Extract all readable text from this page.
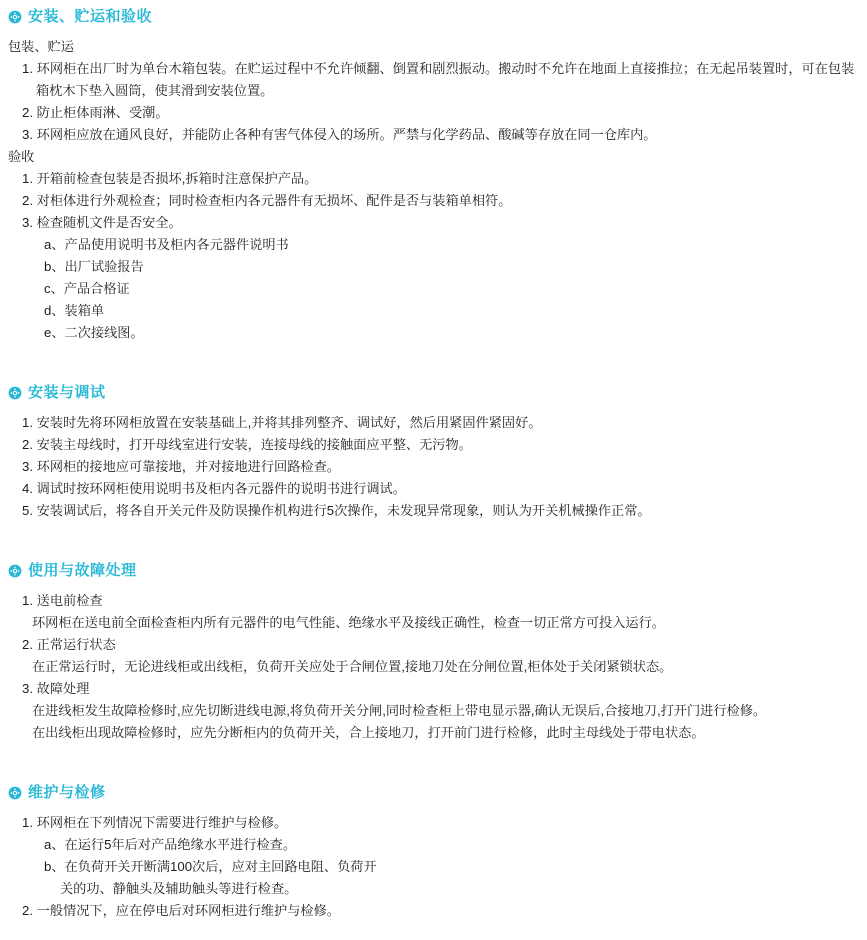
安装、贮运和验收
包装、贮运
1. 环网柜在出厂时为单台木箱包装。在贮运过程中不允许倾翻、倒置和剧烈振动。搬动时不允许在地面上直接推拉；在无起吊装置时，可在包装箱枕木下垫入圆筒，使其滑到安装位置。
2. 防止柜体雨淋、受潮。
3. 环网柜应放在通风良好，并能防止各种有害气体侵入的场所。严禁与化学药品、酸碱等存放在同一仓库内。
验收
1. 开箱前检查包装是否损坏,拆箱时注意保护产品。
2. 对柜体进行外观检查；同时检查柜内各元器件有无损坏、配件是否与装箱单相符。
3. 检查随机文件是否安全。
a、产品使用说明书及柜内各元器件说明书
b、出厂试验报告
c、产品合格证
d、装箱单
e、二次接线图。
安装与调试
1. 安装时先将环网柜放置在安装基础上,并将其排列整齐、调试好，然后用紧固件紧固好。
2. 安装主母线时，打开母线室进行安装，连接母线的接触面应平整、无污物。
3. 环网柜的接地应可靠接地，并对接地进行回路检查。
4. 调试时按环网柜使用说明书及柜内各元器件的说明书进行调试。
5. 安装调试后，将各自开关元件及防误操作机构进行5次操作，未发现异常现象，则认为开关机械操作正常。
使用与故障处理
1. 送电前检查
环网柜在送电前全面检查柜内所有元器件的电气性能、绝缘水平及接线正确性，检查一切正常方可投入运行。
2. 正常运行状态
在正常运行时，无论进线柜或出线柜，负荷开关应处于合闸位置,接地刀处在分闸位置,柜体处于关闭紧锁状态。
3. 故障处理
在进线柜发生故障检修时,应先切断进线电源,将负荷开关分闸,同时检查柜上带电显示器,确认无误后,合接地刀,打开门进行检修。
在出线柜出现故障检修时，应先分断柜内的负荷开关，合上接地刀，打开前门进行检修，此时主母线处于带电状态。
维护与检修
1. 环网柜在下列情况下需要进行维护与检修。
a、在运行5年后对产品绝缘水平进行检查。
b、在负荷开关开断满100次后，应对主回路电阻、负荷开
关的功、静触头及辅助触头等进行检查。
2. 一般情况下，应在停电后对环网柜进行维护与检修。
